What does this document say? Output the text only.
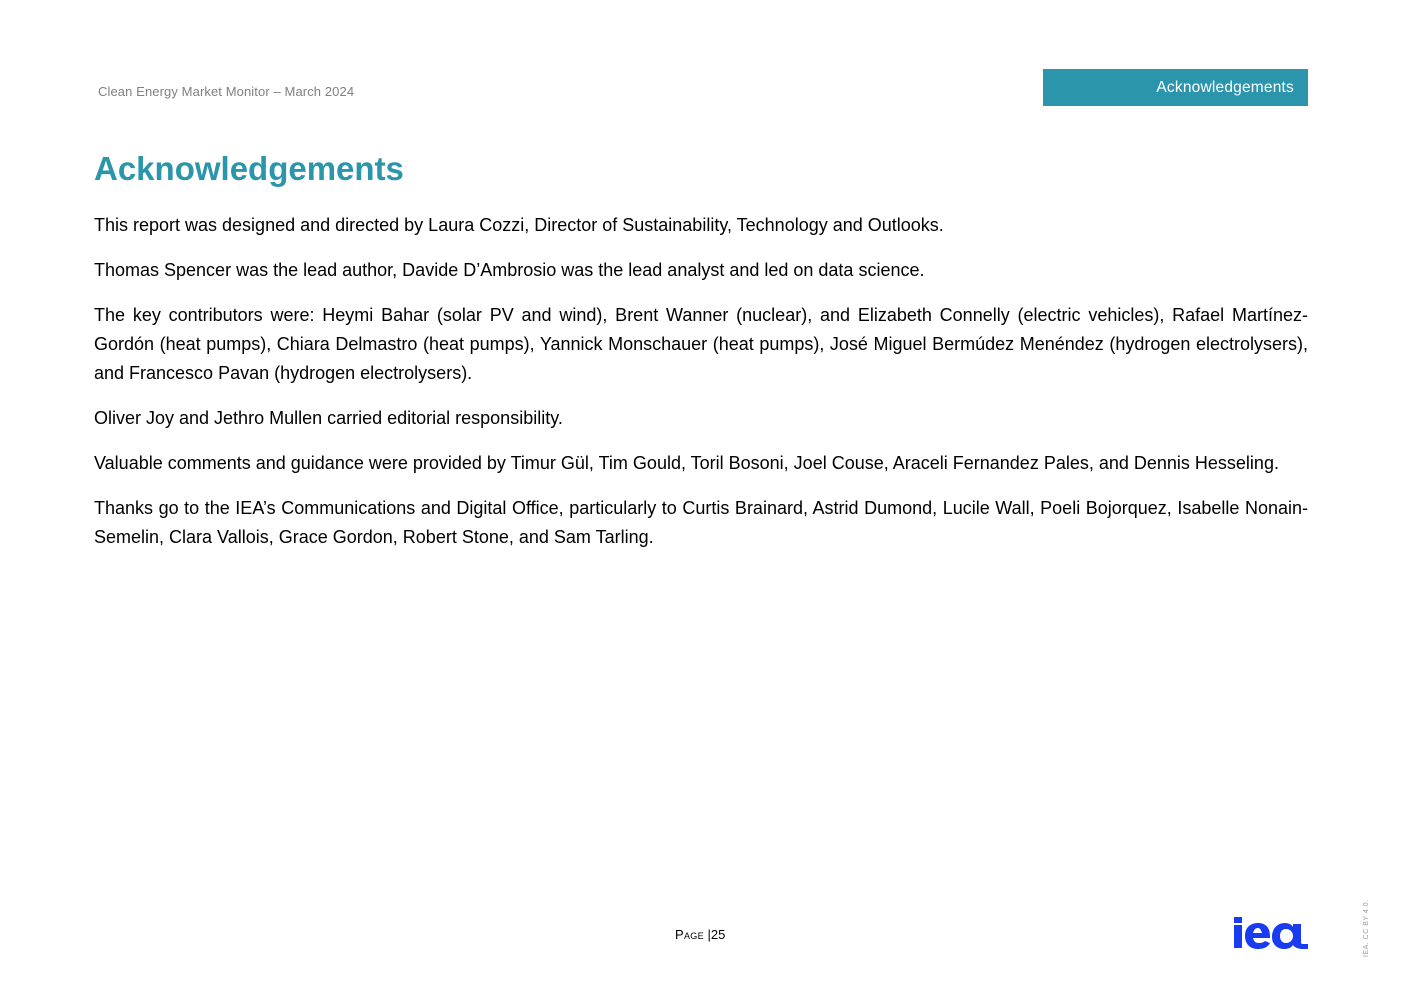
Clean Energy Market Monitor – March 2024	Acknowledgements
Acknowledgements

This report was designed and directed by Laura Cozzi, Director of Sustainability, Technology and Outlooks.

Thomas Spencer was the lead author, Davide D’Ambrosio was the lead analyst and led on data science.

The key contributors were: Heymi Bahar (solar PV and wind), Brent Wanner (nuclear), and Elizabeth Connelly (electric vehicles), Rafael Martínez-Gordón (heat pumps), Chiara Delmastro (heat pumps), Yannick Monschauer (heat pumps), José Miguel Bermúdez Menéndez (hydrogen electrolysers), and Francesco Pavan (hydrogen electrolysers).

Oliver Joy and Jethro Mullen carried editorial responsibility.

Valuable comments and guidance were provided by Timur Gül, Tim Gould, Toril Bosoni, Joel Couse, Araceli Fernandez Pales, and Dennis Hesseling.

Thanks go to the IEA’s Communications and Digital Office, particularly to Curtis Brainard, Astrid Dumond, Lucile Wall, Poeli Bojorquez, Isabelle Nonain-Semelin, Clara Vallois, Grace Gordon, Robert Stone, and Sam Tarling.

Page |25	IEA. CC BY 4.0.
